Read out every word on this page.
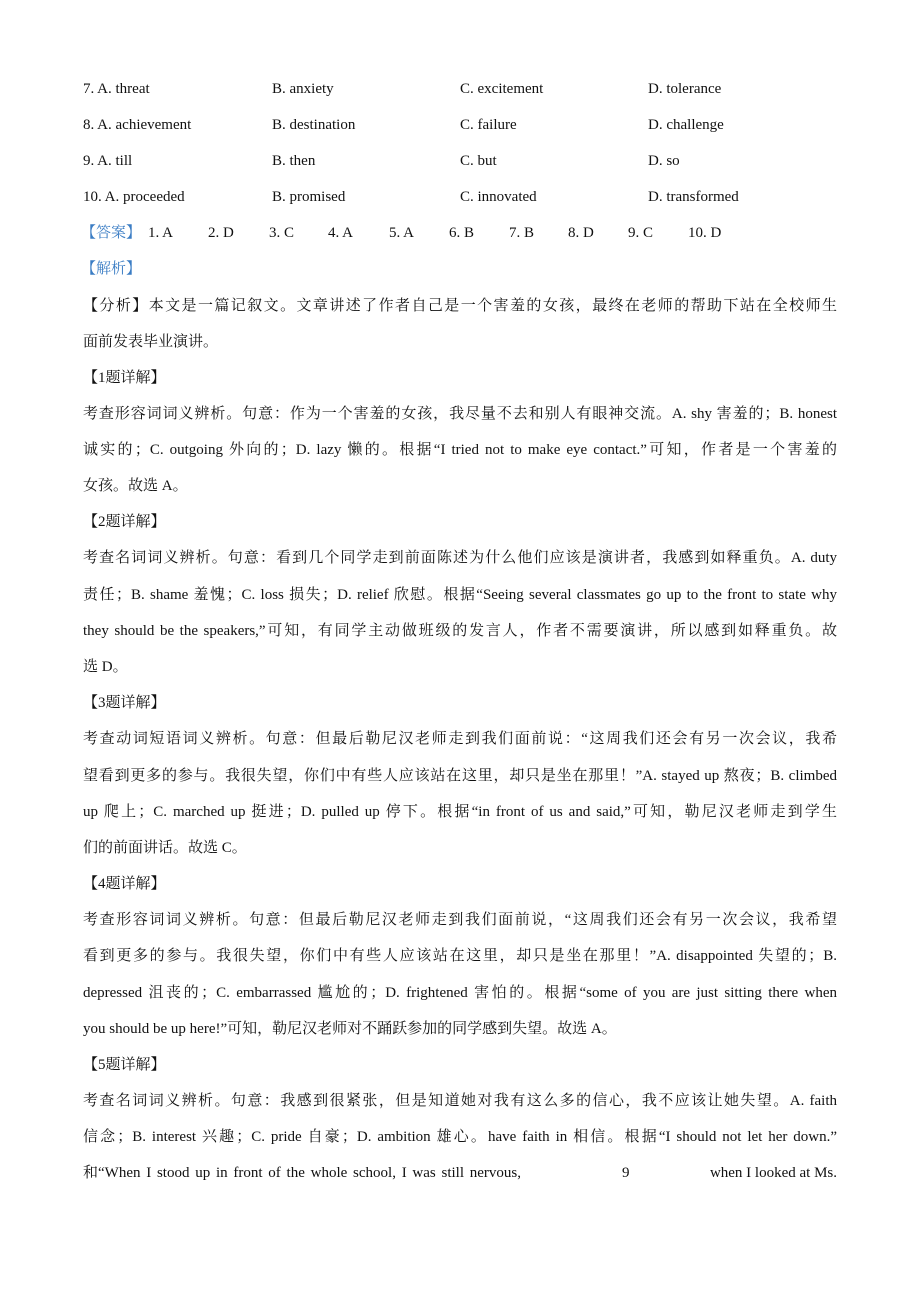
7. A. threat	B. anxiety	C. excitement	D. tolerance
8. A. achievement	B. destination	C. failure	D. challenge
9. A. till	B. then	C. but	D. so
10. A. proceeded	B. promised	C. innovated	D. transformed
【答案】 1. A 2. D 3. C 4. A 5. A 6. B 7. B 8. D 9. C 10. D
【解析】
【分析】本文是一篇记叙文。文章讲述了作者自己是一个害羞的女孩，最终在老师的帮助下站在全校师生
面前发表毕业演讲。
【1题详解】
考查形容词词义辨析。句意：作为一个害羞的女孩，我尽量不去和别人有眼神交流。A. shy 害羞的；B. honest
诚实的；C. outgoing 外向的；D. lazy 懒的。根据“I tried not to make eye contact.”可知，作者是一个害羞的
女孩。故选 A。
【2题详解】
考查名词词义辨析。句意：看到几个同学走到前面陈述为什么他们应该是演讲者，我感到如释重负。A. duty
责任；B. shame 羞愧；C. loss 损失；D. relief 欣慰。根据“Seeing several classmates go up to the front to state why
they should be the speakers,”可知，有同学主动做班级的发言人，作者不需要演讲，所以感到如释重负。故
选 D。
【3题详解】
考查动词短语词义辨析。句意：但最后勒尼汉老师走到我们面前说：“这周我们还会有另一次会议，我希
望看到更多的参与。我很失望，你们中有些人应该站在这里，却只是坐在那里！”A. stayed up 熬夜；B. climbed
up 爬上；C. marched up 挺进；D. pulled up 停下。根据“in front of us and said,”可知，勒尼汉老师走到学生
们的前面讲话。故选 C。
【4题详解】
考查形容词词义辨析。句意：但最后勒尼汉老师走到我们面前说，“这周我们还会有另一次会议，我希望
看到更多的参与。我很失望，你们中有些人应该站在这里，却只是坐在那里！”A. disappointed 失望的；B.
depressed 沮丧的；C. embarrassed 尴尬的；D. frightened 害怕的。根据“some of you are just sitting there when
you should be up here!”可知，勒尼汉老师对不踊跃参加的同学感到失望。故选 A。
【5题详解】
考查名词词义辨析。句意：我感到很紧张，但是知道她对我有这么多的信心，我不应该让她失望。A. faith
信念；B. interest 兴趣；C. pride 自豪；D. ambition 雄心。have faith in 相信。根据“I should not let her down.”
和“When I stood up in front of the whole school, I was still nervous,	9	when I looked at Ms.
